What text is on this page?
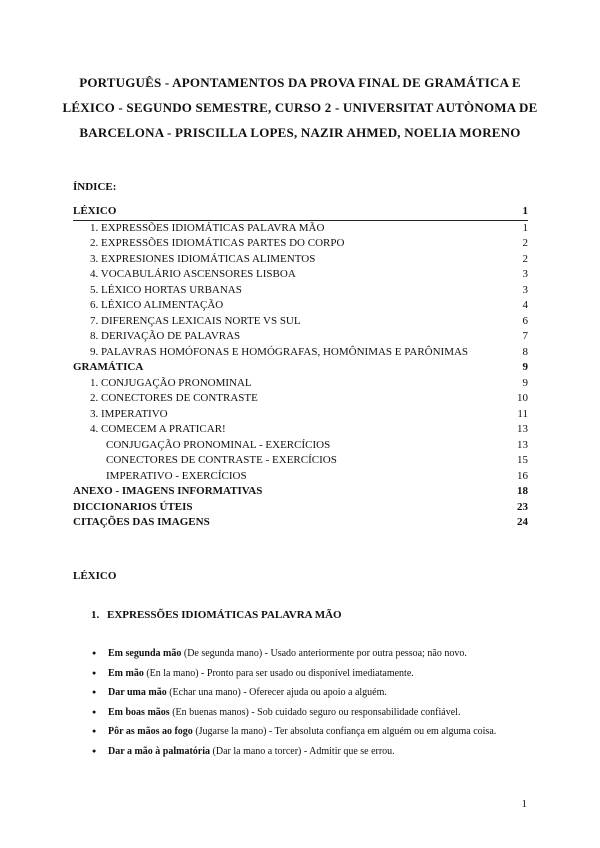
PORTUGUÊS - APONTAMENTOS DA PROVA FINAL DE GRAMÁTICA E LÉXICO - SEGUNDO SEMESTRE, CURSO 2 - UNIVERSITAT AUTÒNOMA DE BARCELONA - PRISCILLA LOPES, NAZIR AHMED, NOELIA MORENO
ÍNDICE:
LÉXICO	1
1. EXPRESSÕES IDIOMÁTICAS PALAVRA MÃO	1
2. EXPRESSÕES IDIOMÁTICAS PARTES DO CORPO	2
3. EXPRESIONES IDIOMÁTICAS ALIMENTOS	2
4. VOCABULÁRIO ASCENSORES LISBOA	3
5. LÉXICO HORTAS URBANAS	3
6. LÉXICO ALIMENTAÇÃO	4
7. DIFERENÇAS LEXICAIS NORTE VS SUL	6
8. DERIVAÇÃO DE PALAVRAS	7
9. PALAVRAS HOMÓFONAS E HOMÓGRAFAS, HOMÔNIMAS E PARÔNIMAS	8
GRAMÁTICA	9
1. CONJUGAÇÃO PRONOMINAL	9
2. CONECTORES DE CONTRASTE	10
3. IMPERATIVO	11
4. COMECEM A PRATICAR!	13
CONJUGAÇÃO PRONOMINAL - EXERCÍCIOS	13
CONECTORES DE CONTRASTE - EXERCÍCIOS	15
IMPERATIVO - EXERCÍCIOS	16
ANEXO - IMAGENS INFORMATIVAS	18
DICCIONARIOS ÚTEIS	23
CITAÇÕES DAS IMAGENS	24
LÉXICO
1. EXPRESSÕES IDIOMÁTICAS PALAVRA MÃO
● Em segunda mão (De segunda mano) - Usado anteriormente por outra pessoa; não novo.
● Em mão (En la mano) - Pronto para ser usado ou disponível imediatamente.
● Dar uma mão (Echar una mano) - Oferecer ajuda ou apoio a alguém.
● Em boas mãos (En buenas manos) - Sob cuidado seguro ou responsabilidade confiável.
● Pôr as mãos ao fogo (Jugarse la mano) - Ter absoluta confiança em alguém ou em alguma coisa.
● Dar a mão à palmatória (Dar la mano a torcer) - Admitir que se errou.
1
